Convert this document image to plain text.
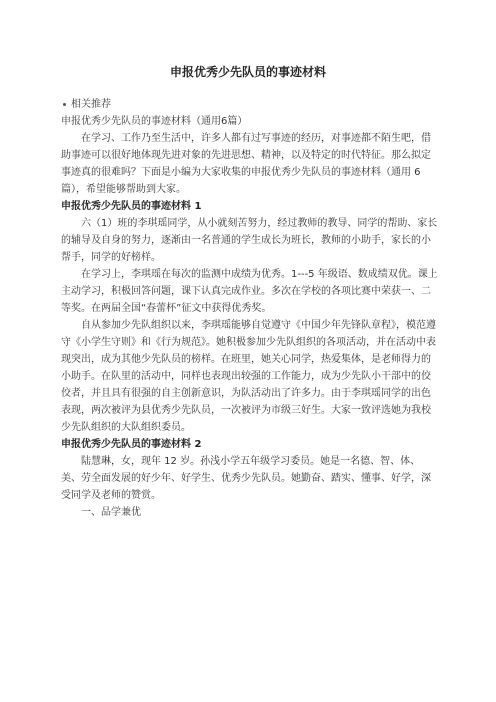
申报优秀少先队员的事迹材料

相关推荐

申报优秀少先队员的事迹材料（通用6篇）

在学习、工作乃至生活中，许多人都有过写事迹的经历，对事迹都不陌生吧，借助事迹可以很好地体现先进对象的先进思想、精神，以及特定的时代特征。那么拟定事迹真的很难吗？下面是小编为大家收集的申报优秀少先队员的事迹材料（通用 6 篇），希望能够帮助到大家。

申报优秀少先队员的事迹材料 1

六（1）班的李琪瑶同学，从小就刻苦努力，经过教师的教导、同学的帮助、家长的辅导及自身的努力，逐渐由一名普通的学生成长为班长，教师的小助手，家长的小帮手，同学的好榜样。

在学习上，李琪瑶在每次的监测中成绩为优秀。1---5 年级语、数成绩双优。课上主动学习，积极回答问题，课下认真完成作业。多次在学校的各项比赛中荣获一、二等奖。在两届全国“春蕾杯”征文中获得优秀奖。

自从参加少先队组织以来，李琪瑶能够自觉遵守《中国少年先锋队章程》，模范遵守《小学生守则》和《行为规范》。她积极参加少先队组织的各项活动，并在活动中表现突出，成为其他少先队员的榜样。在班里，她关心同学，热爱集体，是老师得力的小助手。在队里的活动中，同样也表现出较强的工作能力，成为少先队小干部中的佼佼者，并且具有很强的自主创新意识，为队活动出了许多力。由于李琪瑶同学的出色表现，两次被评为县优秀少先队员，一次被评为市级三好生。大家一致评选她为我校少先队组织的大队组织委员。

申报优秀少先队员的事迹材料 2

陆慧琳，女，现年 12 岁。孙浅小学五年级学习委员。她是一名德、智、体、美、劳全面发展的好少年、好学生、优秀少先队员。她勤奋、踏实、懂事、好学，深受同学及老师的赞赏。

一、品学兼优
